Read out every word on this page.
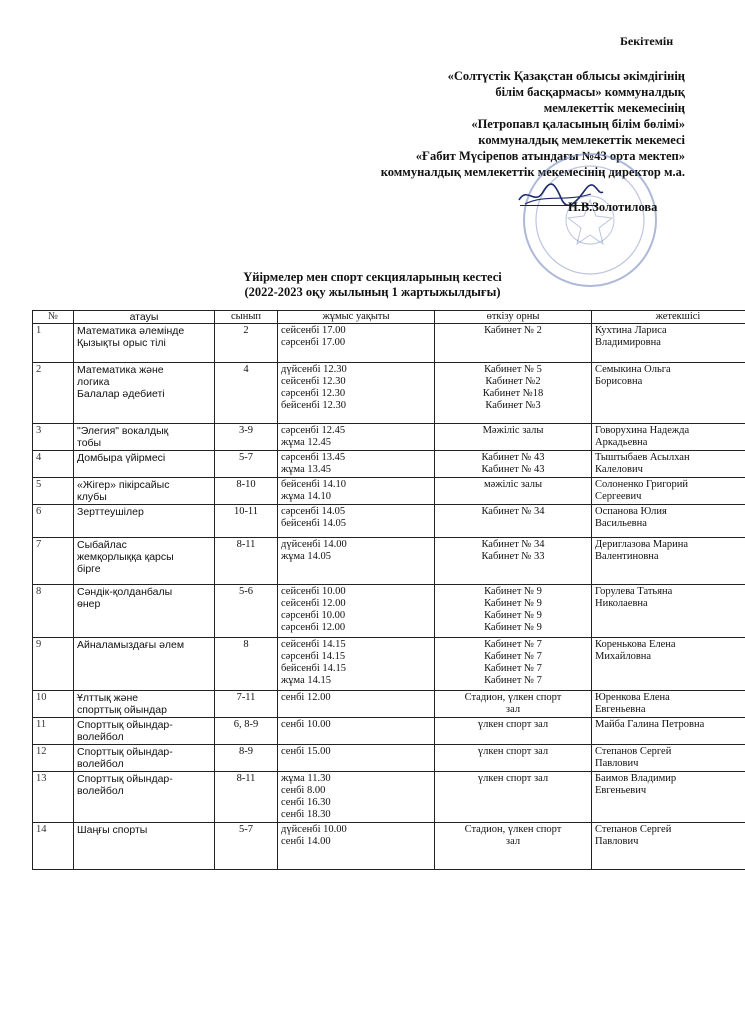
Бекітемін
«Солтүстік Қазақстан облысы әкімдігінің
білім басқармасы» коммуналдық
мемлекеттік мекемесінің
«Петропавл қаласының білім бөлімі»
коммуналдық мемлекеттік мекемесі
«Ғабит Мүсірепов атындағы №43 орта мектеп»
коммуналдық мемлекеттік мекемесінің директор м.а.
Н.В.Золотилова
Үйірмелер мен спорт секцияларының кестесі
(2022-2023 оқу жылының 1 жартыжылдығы)
№	атауы	сынып	жұмыс уақыты	өткізу орны	жетекшісі
1	Математика әлемінде
Қызықты орыс тілі	2	сейсенбі 17.00
сәрсенбі 17.00	Кабинет № 2	Кухтина Лариса
Владимировна

2	Математика және
логика
Балалар әдебиеті	4	дүйсенбі 12.30
сейсенбі 12.30
сәрсенбі 12.30
бейсенбі 12.30	Кабинет № 5
Кабинет №2
Кабинет №18
Кабинет №3	Семыкина Ольга
Борисовна

3	"Элегия" вокалдық
тобы	3-9	сәрсенбі 12.45
жұма 12.45	Мәжіліс залы	Говорухина Надежда
Аркадьевна

4	Домбыра үйірмесі	5-7	сәрсенбі 13.45
жұма 13.45	Кабинет № 43
Кабинет № 43	Тыштыбаев Асылхан
Калелович

5	«Жігер» пікірсайыс
клубы	8-10	бейсенбі 14.10
жұма 14.10	мәжіліс залы	Солоненко Григорий
Сергеевич

6	Зерттеушілер	10-11	сәрсенбі 14.05
бейсенбі 14.05	Кабинет № 34	Оспанова Юлия
Васильевна

7	Сыбайлас
жемқорлыққа қарсы
бірге	8-11	дүйсенбі 14.00
жұма 14.05	Кабинет № 34
Кабинет № 33	Дериглазова Марина
Валентиновна

8	Сәндік-қолданбалы
өнер	5-6	сейсенбі 10.00
сейсенбі 12.00
сәрсенбі 10.00
сәрсенбі 12.00	Кабинет № 9
Кабинет № 9
Кабинет № 9
Кабинет № 9	Горулева Татьяна
Николаевна

9	Айналамыздағы әлем	8	сейсенбі 14.15
сәрсенбі 14.15
бейсенбі 14.15
жұма 14.15	Кабинет № 7
Кабинет № 7
Кабинет № 7
Кабинет № 7	Коренькова Елена
Михайловна

10	Ұлттық және
спорттық ойындар	7-11	сенбі 12.00	Стадион, үлкен спорт
зал	Юренкова Елена
Евгеньевна

11	Спорттық ойындар-
волейбол	6, 8-9	сенбі 10.00	үлкен спорт зал	Майба Галина Петровна

12	Спорттық ойындар-
волейбол	8-9	сенбі 15.00	үлкен спорт зал	Степанов Сергей
Павлович

13	Спорттық ойындар-
волейбол	8-11	жұма 11.30
сенбі 8.00
сенбі 16.30
сенбі 18.30	үлкен спорт зал	Баимов Владимир
Евгеньевич

14	Шаңғы спорты	5-7	дүйсенбі 10.00
сенбі 14.00	Стадион, үлкен спорт
зал	Степанов Сергей
Павлович
